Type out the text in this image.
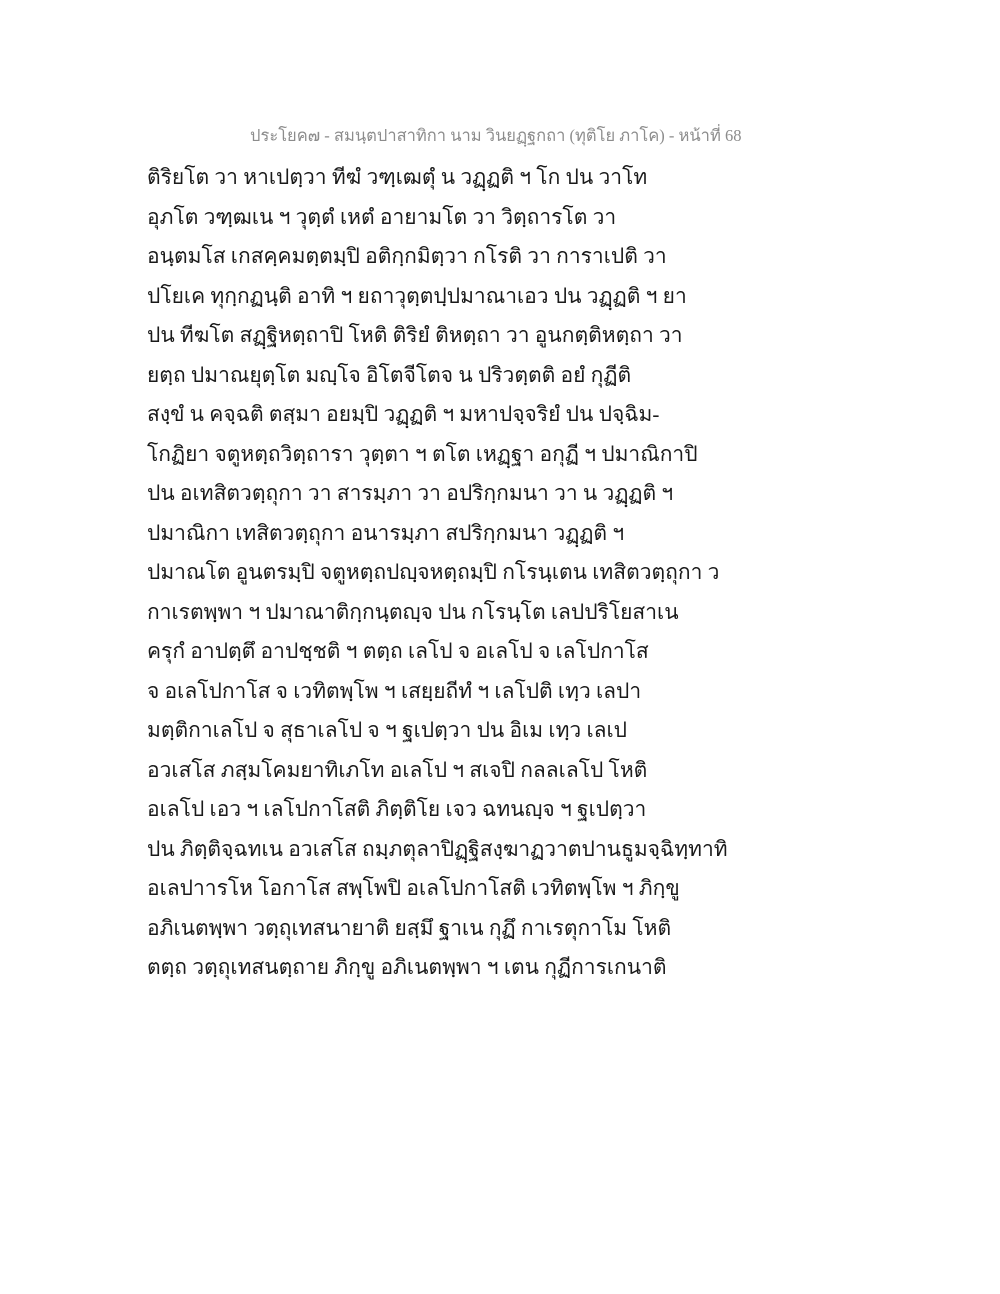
ประโยค๗ - สมนฺตปาสาทิกา นาม วินยฏฺฐกถา (ทุติโย ภาโค) - หน้าที่ 68
ติริยโต วา หาเปตฺวา ทีฆํ วฑฺเฒตุํ น วฏฺฏติ ฯ โก ปน วาโท
อุภโต วฑฺฒเน ฯ วุตฺตํ เหตํ อายามโต วา วิตฺถารโต วา
อนฺตมโส เกสคฺคมตฺตมฺปิ อติกฺกมิตฺวา กโรติ วา การาเปติ วา
ปโยเค ทุกฺกฏนฺติ อาทิ ฯ ยถาวุตฺตปฺปมาณาเอว ปน วฏฺฏติ ฯ ยา
ปน ทีฆโต สฏฺฐิหตฺถาปิ โหติ ติริยํ ติหตฺถา วา อูนกตฺติหตฺถา วา
ยตฺถ ปมาณยุตฺโต มญฺโจ อิโตจีโตจ น ปริวตฺตติ อยํ กุฏีติ
สงฺขํ น คจฺฉติ ตสฺมา อยมฺปิ วฏฺฏติ ฯ มหาปจฺจริยํ ปน ปจฺฉิม-
โกฏิยา จตูหตฺถวิตฺถารา วุตฺตา ฯ ตโต เหฏฺฐา อกุฏี ฯ ปมาณิกาปิ
ปน อเทสิตวตฺถุกา วา สารมฺภา วา อปริกฺกมนา วา น วฏฺฏติ ฯ
ปมาณิกา เทสิตวตฺถุกา อนารมฺภา สปริกฺกมนา วฏฺฏติ ฯ
ปมาณโต อูนตรมฺปิ จตูหตฺถปญฺจหตฺถมฺปิ กโรนฺเตน เทสิตวตฺถุกา ว
กาเรตพฺพา ฯ ปมาณาติกฺกนฺตญฺจ ปน กโรนฺโต เลปปริโยสาเน
ครุกํ อาปตฺตึ อาปชฺชติ ฯ ตตฺถ เลโป จ อเลโป จ เลโปกาโส
จ อเลโปกาโส จ เวทิตพฺโพ ฯ เสยฺยถีทํ ฯ เลโปติ เทฺว เลปา
มตฺติกาเลโป จ สุธาเลโป จ ฯ ฐเปตฺวา ปน อิเม เทฺว เลเป
อวเสโส ภสฺมโคมยาทิเภโท อเลโป ฯ สเจปิ กลลเลโป โหติ
อเลโป เอว ฯ เลโปกาโสติ ภิตฺติโย เจว ฉทนญฺจ ฯ ฐเปตฺวา
ปน ภิตฺติจฺฉทเน อวเสโส ถมฺภตุลาปิฏฺฐิสงฺฆาฏวาตปานธูมจฺฉิทฺทาทิ
อเลปาารโห โอกาโส สพฺโพปิ อเลโปกาโสติ เวทิตพฺโพ ฯ ภิกฺขู
อภิเนตพฺพา วตฺถุเทสนายาติ ยสฺมึ ฐาเน กุฏึ กาเรตุกาโม โหติ
ตตฺถ วตฺถุเทสนตฺถาย ภิกฺขู อภิเนตพฺพา ฯ เตน กุฏีการเกนาติ
